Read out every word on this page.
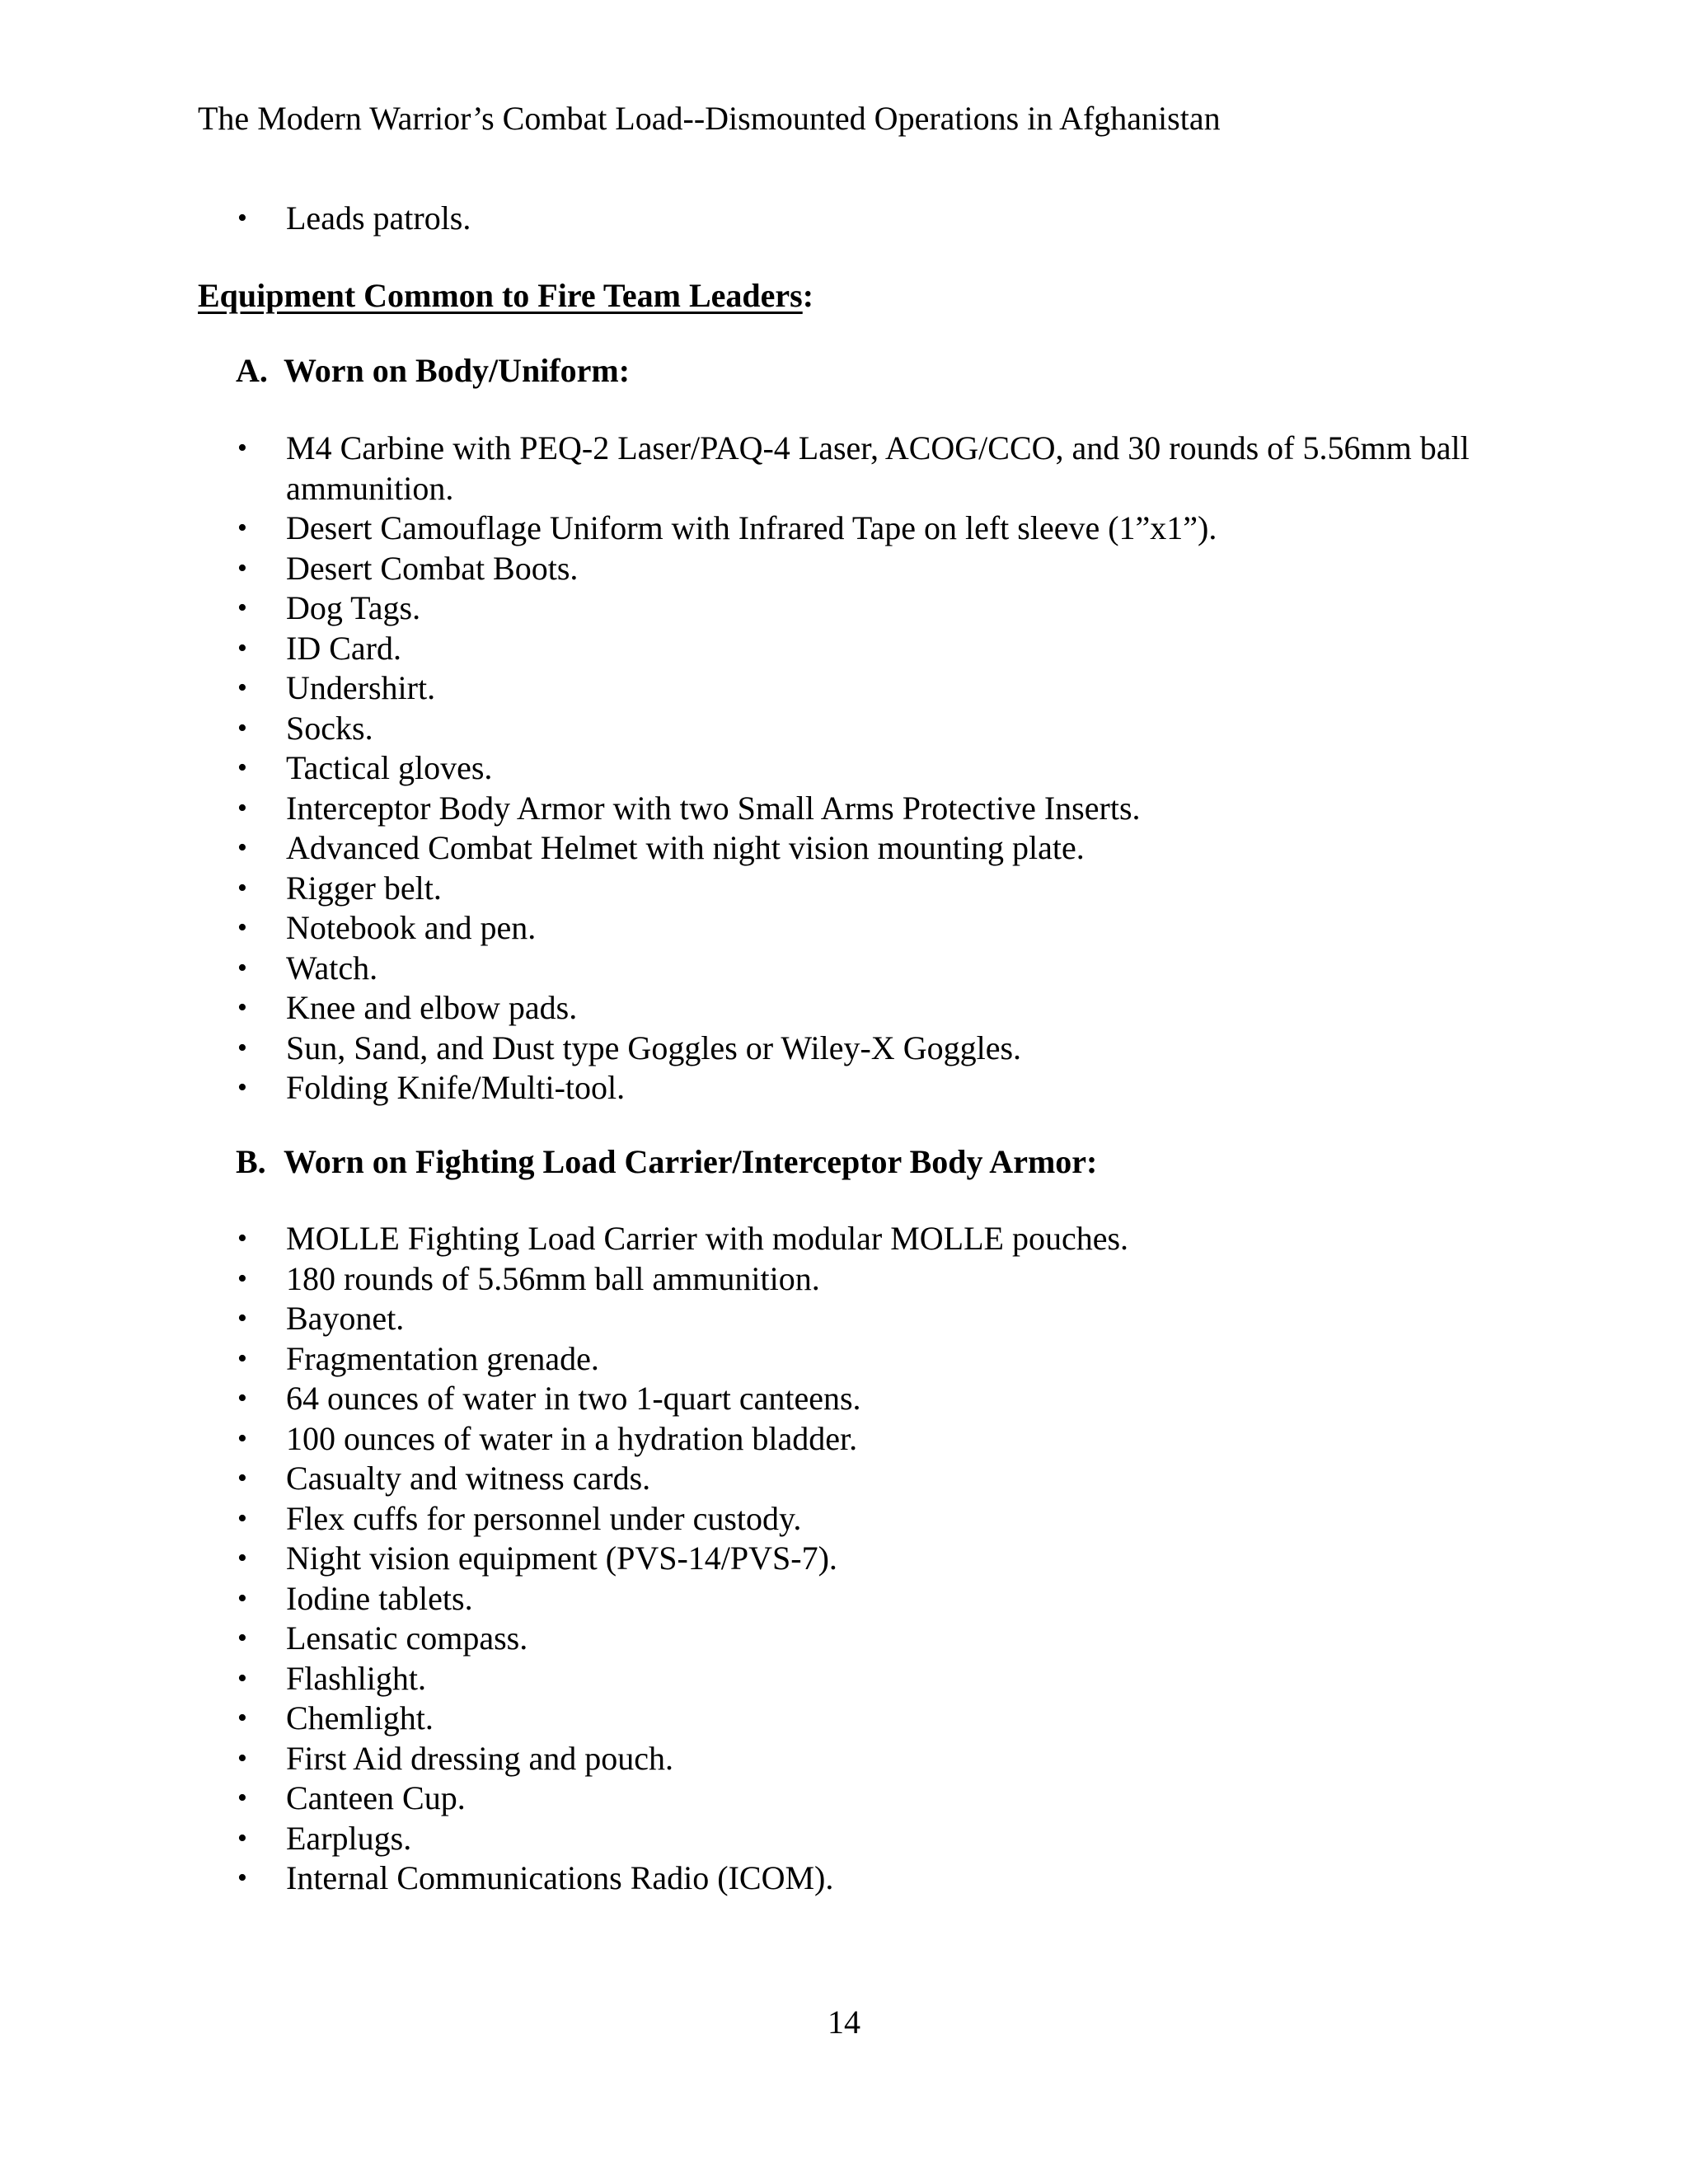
The Modern Warrior’s Combat Load--Dismounted Operations in Afghanistan
• Leads patrols.
Equipment Common to Fire Team Leaders:
A. Worn on Body/Uniform:
• M4 Carbine with PEQ-2 Laser/PAQ-4 Laser, ACOG/CCO, and 30 rounds of 5.56mm ball ammunition.
• Desert Camouflage Uniform with Infrared Tape on left sleeve (1”x1”).
• Desert Combat Boots.
• Dog Tags.
• ID Card.
• Undershirt.
• Socks.
• Tactical gloves.
• Interceptor Body Armor with two Small Arms Protective Inserts.
• Advanced Combat Helmet with night vision mounting plate.
• Rigger belt.
• Notebook and pen.
• Watch.
• Knee and elbow pads.
• Sun, Sand, and Dust type Goggles or Wiley-X Goggles.
• Folding Knife/Multi-tool.
B. Worn on Fighting Load Carrier/Interceptor Body Armor:
• MOLLE Fighting Load Carrier with modular MOLLE pouches.
• 180 rounds of 5.56mm ball ammunition.
• Bayonet.
• Fragmentation grenade.
• 64 ounces of water in two 1-quart canteens.
• 100 ounces of water in a hydration bladder.
• Casualty and witness cards.
• Flex cuffs for personnel under custody.
• Night vision equipment (PVS-14/PVS-7).
• Iodine tablets.
• Lensatic compass.
• Flashlight.
• Chemlight.
• First Aid dressing and pouch.
• Canteen Cup.
• Earplugs.
• Internal Communications Radio (ICOM).
14
